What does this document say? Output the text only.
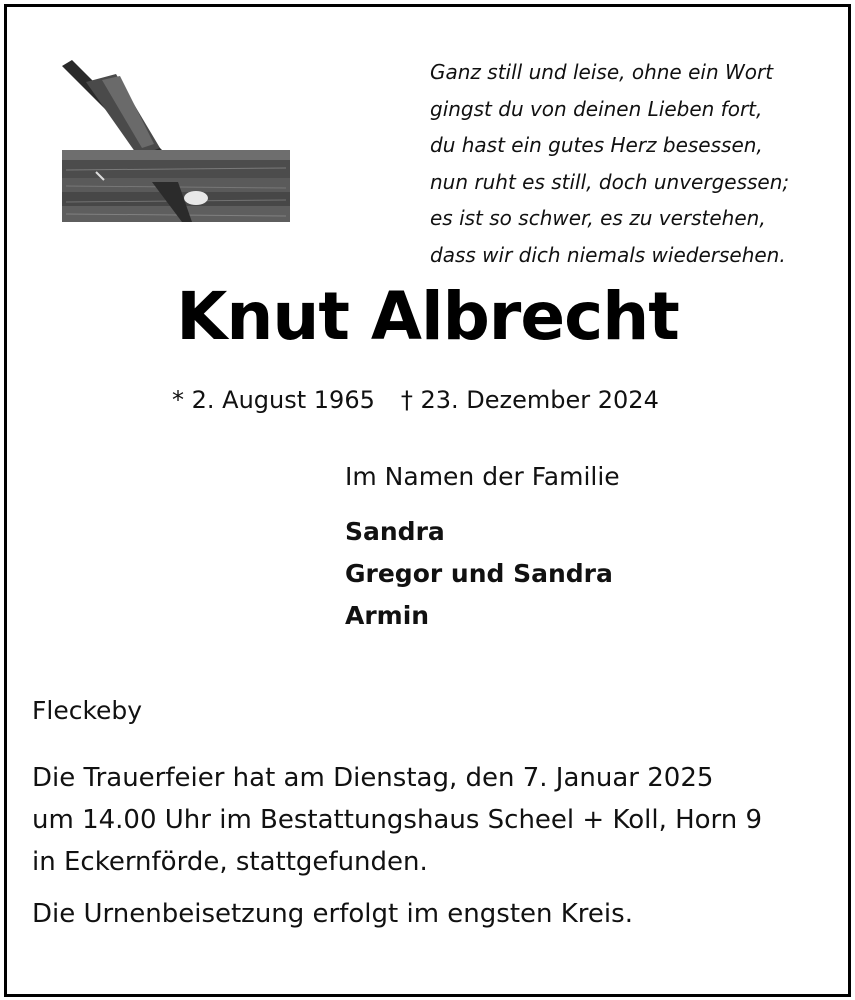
Ganz still und leise, ohne ein Wort
gingst du von deinen Lieben fort,
du hast ein gutes Herz besessen,
nun ruht es still, doch unvergessen;
es ist so schwer, es zu verstehen,
dass wir dich niemals wiedersehen.
Knut Albrecht
* 2. August 1965 † 23. Dezember 2024
Im Namen der Familie
Sandra
Gregor und Sandra
Armin
Fleckeby
Die Trauerfeier hat am Dienstag, den 7. Januar 2025
um 14.00 Uhr im Bestattungshaus Scheel + Koll, Horn 9
in Eckernförde, stattgefunden.
Die Urnenbeisetzung erfolgt im engsten Kreis.
